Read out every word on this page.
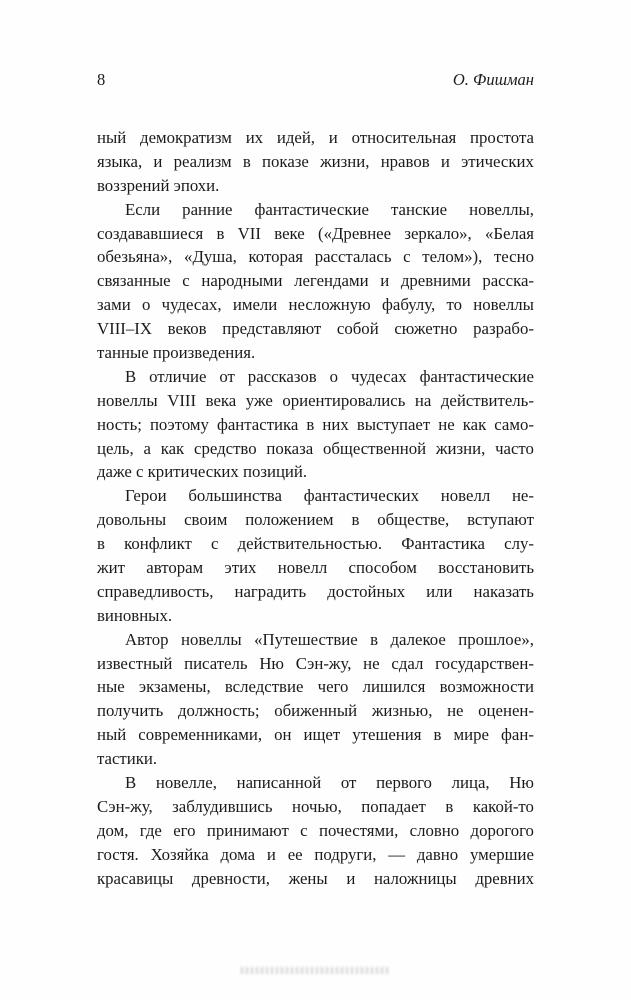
8	О. Фишман
ный демократизм их идей, и относительная простота
языка, и реализм в показе жизни, нравов и этических
воззрений эпохи.
Если ранние фантастические танские новеллы,
создававшиеся в VII веке («Древнее зеркало», «Белая
обезьяна», «Душа, которая рассталась с телом»), тесно
связанные с народными легендами и древними расска-
зами о чудесах, имели несложную фабулу, то новеллы
VIII–IX веков представляют собой сюжетно разрабо-
танные произведения.
В отличие от рассказов о чудесах фантастические
новеллы VIII века уже ориентировались на действитель-
ность; поэтому фантастика в них выступает не как само-
цель, а как средство показа общественной жизни, часто
даже с критических позиций.
Герои большинства фантастических новелл не-
довольны своим положением в обществе, вступают
в конфликт с действительностью. Фантастика слу-
жит авторам этих новелл способом восстановить
справедливость, наградить достойных или наказать
виновных.
Автор новеллы «Путешествие в далекое прошлое»,
известный писатель Ню Сэн-жу, не сдал государствен-
ные экзамены, вследствие чего лишился возможности
получить должность; обиженный жизнью, не оценен-
ный современниками, он ищет утешения в мире фан-
тастики.
В новелле, написанной от первого лица, Ню
Сэн-жу, заблудившись ночью, попадает в какой-то
дом, где его принимают с почестями, словно дорогого
гостя. Хозяйка дома и ее подруги, — давно умершие
красавицы древности, жены и наложницы древних
